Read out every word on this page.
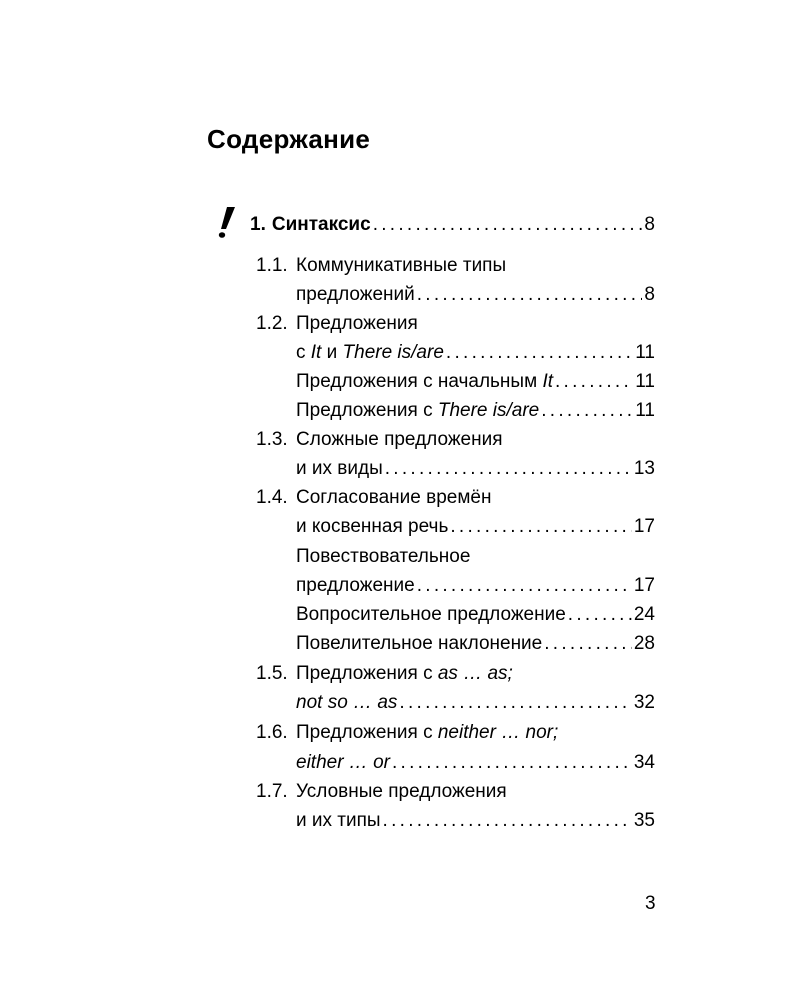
Содержание
1. Синтаксис . . .	8
1.1. Коммуникативные типы
предложений . . .	8
1.2. Предложения
с It и There is/are . . .	11
Предложения с начальным It . . .	11
Предложения с There is/are . . .	11
1.3. Сложные предложения
и их виды . . .	13
1.4. Согласование времён
и косвенная речь . . .	17
Повествовательное
предложение . . .	17
Вопросительное предложение . . .	24
Повелительное наклонение . . .	28
1.5. Предложения с as … as;
not so … as . . .	32
1.6. Предложения с neither … nor;
either … or . . .	34
1.7. Условные предложения
и их типы . . .	35
3
